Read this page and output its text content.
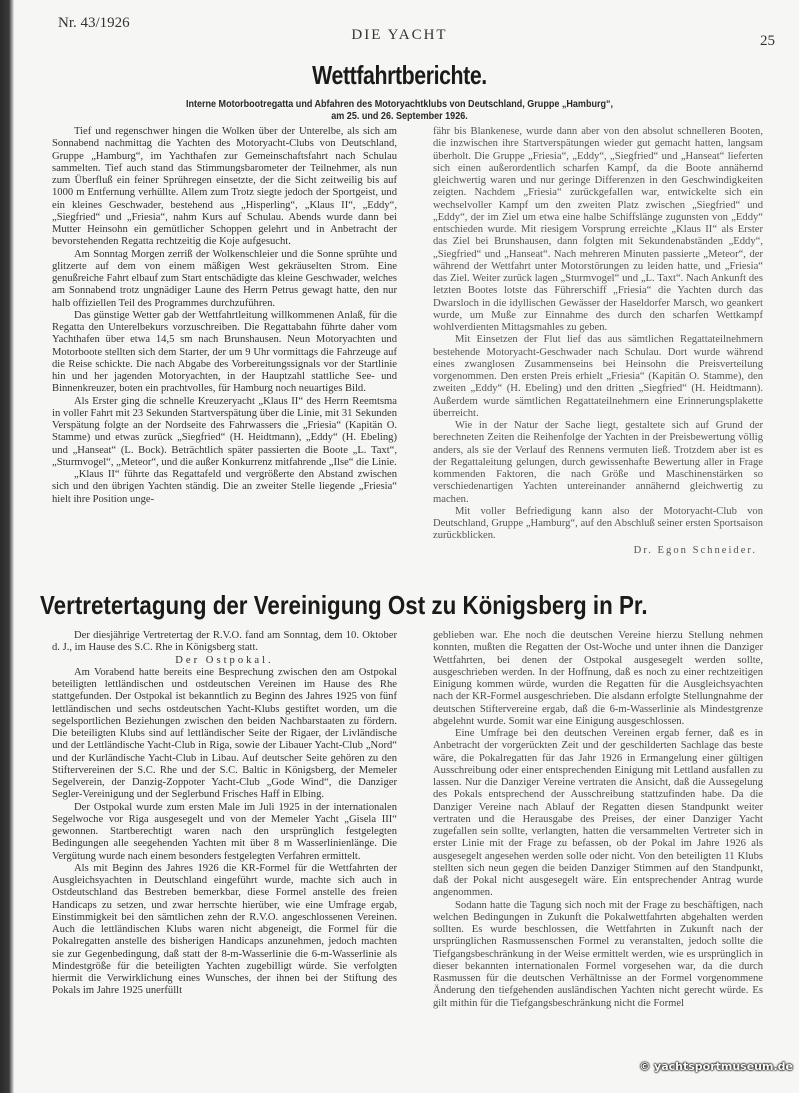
Nr. 43/1926
DIE YACHT	25
Wettfahrtberichte.
Interne Motorbootregatta und Abfahren des Motoryachtklubs von Deutschland, Gruppe „Hamburg“,
am 25. und 26. September 1926.

Tief und regenschwer hingen die Wolken über der Unterelbe, als sich am Sonnabend nachmittag die Yachten des Motoryacht-Clubs von Deutschland, Gruppe „Hamburg“, im Yachthafen zur Gemeinschaftsfahrt nach Schulau sammelten. Tief auch stand das Stimmungsbarometer der Teilnehmer, als nun zum Überfluß ein feiner Sprühregen einsetzte, der die Sicht zeitweilig bis auf 1000 m Entfernung verhüllte. Allem zum Trotz siegte jedoch der Sportgeist, und ein kleines Geschwader, bestehend aus „Hisperling“, „Klaus II“, „Eddy“, „Siegfried“ und „Friesia“, nahm Kurs auf Schulau. Abends wurde dann bei Mutter Heinsohn ein gemütlicher Schoppen gelehrt und in Anbetracht der bevorstehenden Regatta rechtzeitig die Koje aufgesucht.

Am Sonntag Morgen zerriß der Wolkenschleier und die Sonne sprühte und glitzerte auf dem von einem mäßigen West gekräuselten Strom. Eine genußreiche Fahrt elbauf zum Start entschädigte das kleine Geschwader, welches am Sonnabend trotz ungnädiger Laune des Herrn Petrus gewagt hatte, den nur halb offiziellen Teil des Programmes durchzuführen.

Das günstige Wetter gab der Wettfahrtleitung willkommenen Anlaß, für die Regatta den Unterelbekurs vorzuschreiben. Die Regattabahn führte daher vom Yachthafen über etwa 14,5 sm nach Brunshausen. Neun Motoryachten und Motorboote stellten sich dem Starter, der um 9 Uhr vormittags die Fahrzeuge auf die Reise schickte. Die nach Abgabe des Vorbereitungssignals vor der Startlinie hin und her jagenden Motoryachten, in der Hauptzahl stattliche See- und Binnenkreuzer, boten ein prachtvolles, für Hamburg noch neuartiges Bild.

Als Erster ging die schnelle Kreuzeryacht „Klaus II“ des Herrn Reemtsma in voller Fahrt mit 23 Sekunden Startverspätung über die Linie, mit 31 Sekunden Verspätung folgte an der Nordseite des Fahrwassers die „Friesia“ (Kapitän O. Stamme) und etwas zurück „Siegfried“ (H. Heidtmann), „Eddy“ (H. Ebeling) und „Hanseat“ (L. Bock). Beträchtlich später passierten die Boote „L. Taxt“, „Sturmvogel“, „Meteor“, und die außer Konkurrenz mitfahrende „Ilse“ die Linie.

„Klaus II“ führte das Regattafeld und vergrößerte den Abstand zwischen sich und den übrigen Yachten ständig. Die an zweiter Stelle liegende „Friesia“ hielt ihre Position unge-

fähr bis Blankenese, wurde dann aber von den absolut schnelleren Booten, die inzwischen ihre Startverspätungen wieder gut gemacht hatten, langsam überholt. Die Gruppe „Friesia“, „Eddy“, „Siegfried“ und „Hanseat“ lieferten sich einen außerordentlich scharfen Kampf, da die Boote annähernd gleichwertig waren und nur geringe Differenzen in den Geschwindigkeiten zeigten. Nachdem „Friesia“ zurückgefallen war, entwickelte sich ein wechselvoller Kampf um den zweiten Platz zwischen „Siegfried“ und „Eddy“, der im Ziel um etwa eine halbe Schiffslänge zugunsten von „Eddy“ entschieden wurde. Mit riesigem Vorsprung erreichte „Klaus II“ als Erster das Ziel bei Brunshausen, dann folgten mit Sekundenabständen „Eddy“, „Siegfried“ und „Hanseat“. Nach mehreren Minuten passierte „Meteor“, der während der Wettfahrt unter Motorstörungen zu leiden hatte, und „Friesia“ das Ziel. Weiter zurück lagen „Sturmvogel“ und „L. Taxt“. Nach Ankunft des letzten Bootes lotste das Führerschiff „Friesia“ die Yachten durch das Dwarsloch in die idyllischen Gewässer der Haseldorfer Marsch, wo geankert wurde, um Muße zur Einnahme des durch den scharfen Wettkampf wohlverdienten Mittagsmahles zu geben.

Mit Einsetzen der Flut lief das aus sämtlichen Regattateilnehmern bestehende Motoryacht-Geschwader nach Schulau. Dort wurde während eines zwanglosen Zusammenseins bei Heinsohn die Preisverteilung vorgenommen. Den ersten Preis erhielt „Friesia“ (Kapitän O. Stamme), den zweiten „Eddy“ (H. Ebeling) und den dritten „Siegfried“ (H. Heidtmann). Außerdem wurde sämtlichen Regattateilnehmern eine Erinnerungsplakette überreicht.

Wie in der Natur der Sache liegt, gestaltete sich auf Grund der berechneten Zeiten die Reihenfolge der Yachten in der Preisbewertung völlig anders, als sie der Verlauf des Rennens vermuten ließ. Trotzdem aber ist es der Regattaleitung gelungen, durch gewissenhafte Bewertung aller in Frage kommenden Faktoren, die nach Größe und Maschinenstärken so verschiedenartigen Yachten untereinander annähernd gleichwertig zu machen.

Mit voller Befriedigung kann also der Motoryacht-Club von Deutschland, Gruppe „Hamburg“, auf den Abschluß seiner ersten Sportsaison zurückblicken.

Dr. Egon Schneider.
Vertretertagung der Vereinigung Ost zu Königsberg in Pr.

Der diesjährige Vertretertag der R.V.O. fand am Sonntag, dem 10. Oktober d. J., im Hause des S.C. Rhe in Königsberg statt.

Der Ostpokal.

Am Vorabend hatte bereits eine Besprechung zwischen den am Ostpokal beteiligten lettländischen und ostdeutschen Vereinen im Hause des Rhe stattgefunden. Der Ostpokal ist bekanntlich zu Beginn des Jahres 1925 von fünf lettländischen und sechs ostdeutschen Yacht-Klubs gestiftet worden, um die segelsportlichen Beziehungen zwischen den beiden Nachbarstaaten zu fördern. Die beteiligten Klubs sind auf lettländischer Seite der Rigaer, der Livländische und der Lettländische Yacht-Club in Riga, sowie der Libauer Yacht-Club „Nord“ und der Kurländische Yacht-Club in Libau. Auf deutscher Seite gehören zu den Stiftervereinen der S.C. Rhe und der S.C. Baltic in Königsberg, der Memeler Segelverein, der Danzig-Zoppoter Yacht-Club „Gode Wind“, die Danziger Segler-Vereinigung und der Seglerbund Frisches Haff in Elbing.

Der Ostpokal wurde zum ersten Male im Juli 1925 in der internationalen Segelwoche vor Riga ausgesegelt und von der Memeler Yacht „Gisela III“ gewonnen. Startberechtigt waren nach den ursprünglich festgelegten Bedingungen alle seegehenden Yachten mit über 8 m Wasserlinienlänge. Die Vergütung wurde nach einem besonders festgelegten Verfahren ermittelt.

Als mit Beginn des Jahres 1926 die KR-Formel für die Wettfahrten der Ausgleichsyachten in Deutschland eingeführt wurde, machte sich auch in Ostdeutschland das Bestreben bemerkbar, diese Formel anstelle des freien Handicaps zu setzen, und zwar herrschte hierüber, wie eine Umfrage ergab, Einstimmigkeit bei den sämtlichen zehn der R.V.O. angeschlossenen Vereinen. Auch die lettländischen Klubs waren nicht abgeneigt, die Formel für die Pokalregatten anstelle des bisherigen Handicaps anzunehmen, jedoch machten sie zur Gegenbedingung, daß statt der 8-m-Wasserlinie die 6-m-Wasserlinie als Mindestgröße für die beteiligten Yachten zugebilligt würde. Sie verfolgten hiermit die Verwirklichung eines Wunsches, der ihnen bei der Stiftung des Pokals im Jahre 1925 unerfüllt

geblieben war. Ehe noch die deutschen Vereine hierzu Stellung nehmen konnten, mußten die Regatten der Ost-Woche und unter ihnen die Danziger Wettfahrten, bei denen der Ostpokal ausgesegelt werden sollte, ausgeschrieben werden. In der Hoffnung, daß es noch zu einer rechtzeitigen Einigung kommen würde, wurden die Regatten für die Ausgleichsyachten nach der KR-Formel ausgeschrieben. Die alsdann erfolgte Stellungnahme der deutschen Stiftervereine ergab, daß die 6-m-Wasserlinie als Mindestgrenze abgelehnt wurde. Somit war eine Einigung ausgeschlossen.

Eine Umfrage bei den deutschen Vereinen ergab ferner, daß es in Anbetracht der vorgerückten Zeit und der geschilderten Sachlage das beste wäre, die Pokalregatten für das Jahr 1926 in Ermangelung einer gültigen Ausschreibung oder einer entsprechenden Einigung mit Lettland ausfallen zu lassen. Nur die Danziger Vereine vertraten die Ansicht, daß die Aussegelung des Pokals entsprechend der Ausschreibung stattzufinden habe. Da die Danziger Vereine nach Ablauf der Regatten diesen Standpunkt weiter vertraten und die Herausgabe des Preises, der einer Danziger Yacht zugefallen sein sollte, verlangten, hatten die versammelten Vertreter sich in erster Linie mit der Frage zu befassen, ob der Pokal im Jahre 1926 als ausgesegelt angesehen werden solle oder nicht. Von den beteiligten 11 Klubs stellten sich neun gegen die beiden Danziger Stimmen auf den Standpunkt, daß der Pokal nicht ausgesegelt wäre. Ein entsprechender Antrag wurde angenommen.

Sodann hatte die Tagung sich noch mit der Frage zu beschäftigen, nach welchen Bedingungen in Zukunft die Pokalwettfahrten abgehalten werden sollten. Es wurde beschlossen, die Wettfahrten in Zukunft nach der ursprünglichen Rasmussenschen Formel zu veranstalten, jedoch sollte die Tiefgangsbeschränkung in der Weise ermittelt werden, wie es ursprünglich in dieser bekannten internationalen Formel vorgesehen war, da die durch Rasmussen für die deutschen Verhältnisse an der Formel vorgenommene Änderung den tiefgehenden ausländischen Yachten nicht gerecht würde. Es gilt mithin für die Tiefgangsbeschränkung nicht die Formel

© yachtsportmuseum.de
